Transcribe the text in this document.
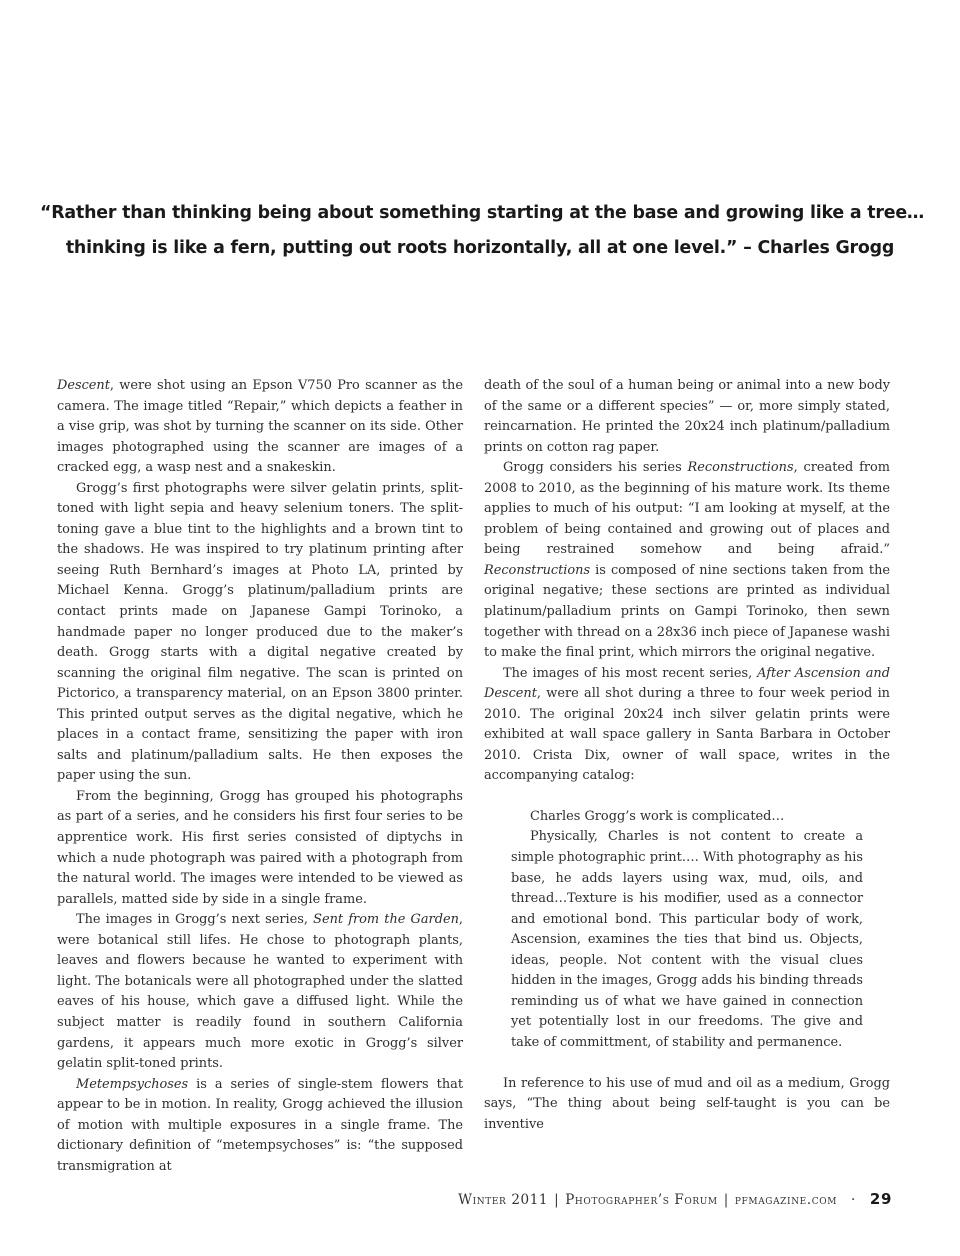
“Rather than thinking being about something starting at the base and growing like a tree…
thinking is like a fern, putting out roots horizontally, all at one level.” – Charles Grogg

Descent, were shot using an Epson V750 Pro scanner as the camera. The image titled “Repair,” which depicts a feather in a vise grip, was shot by turning the scanner on its side. Other images photographed using the scanner are images of a cracked egg, a wasp nest and a snakeskin.

Grogg’s first photographs were silver gelatin prints, split-toned with light sepia and heavy selenium toners. The split-toning gave a blue tint to the highlights and a brown tint to the shadows. He was inspired to try platinum printing after seeing Ruth Bernhard’s images at Photo LA, printed by Michael Kenna. Grogg’s platinum/palladium prints are contact prints made on Japanese Gampi Torinoko, a handmade paper no longer produced due to the maker’s death. Grogg starts with a digital negative created by scanning the original film negative. The scan is printed on Pictorico, a transparency material, on an Epson 3800 printer. This printed output serves as the digital negative, which he places in a contact frame, sensitizing the paper with iron salts and platinum/palladium salts. He then exposes the paper using the sun.

From the beginning, Grogg has grouped his photographs as part of a series, and he considers his first four series to be apprentice work. His first series consisted of diptychs in which a nude photograph was paired with a photograph from the natural world. The images were intended to be viewed as parallels, matted side by side in a single frame.

The images in Grogg’s next series, Sent from the Garden, were botanical still lifes. He chose to photograph plants, leaves and flowers because he wanted to experiment with light. The botanicals were all photographed under the slatted eaves of his house, which gave a diffused light. While the subject matter is readily found in southern California gardens, it appears much more exotic in Grogg’s silver gelatin split-toned prints.

Metempsychoses is a series of single-stem flowers that appear to be in motion. In reality, Grogg achieved the illusion of motion with multiple exposures in a single frame. The dictionary definition of “metempsychoses” is: “the supposed transmigration at

death of the soul of a human being or animal into a new body of the same or a different species” — or, more simply stated, reincarnation. He printed the 20x24 inch platinum/palladium prints on cotton rag paper.

Grogg considers his series Reconstructions, created from 2008 to 2010, as the beginning of his mature work. Its theme applies to much of his output: “I am looking at myself, at the problem of being contained and growing out of places and being restrained somehow and being afraid.” Reconstructions is composed of nine sections taken from the original negative; these sections are printed as individual platinum/palladium prints on Gampi Torinoko, then sewn together with thread on a 28x36 inch piece of Japanese washi to make the final print, which mirrors the original negative.

The images of his most recent series, After Ascension and Descent, were all shot during a three to four week period in 2010. The original 20x24 inch silver gelatin prints were exhibited at wall space gallery in Santa Barbara in October 2010. Crista Dix, owner of wall space, writes in the accompanying catalog:

Charles Grogg’s work is complicated…

Physically, Charles is not content to create a simple photographic print…. With photography as his base, he adds layers using wax, mud, oils, and thread…Texture is his modifier, used as a connector and emotional bond. This particular body of work, Ascension, examines the ties that bind us. Objects, ideas, people. Not content with the visual clues hidden in the images, Grogg adds his binding threads reminding us of what we have gained in connection yet potentially lost in our freedoms. The give and take of committment, of stability and permanence.

In reference to his use of mud and oil as a medium, Grogg says, “The thing about being self-taught is you can be inventive

Winter 2011 | Photographer’s Forum | pfmagazine.com · 29
